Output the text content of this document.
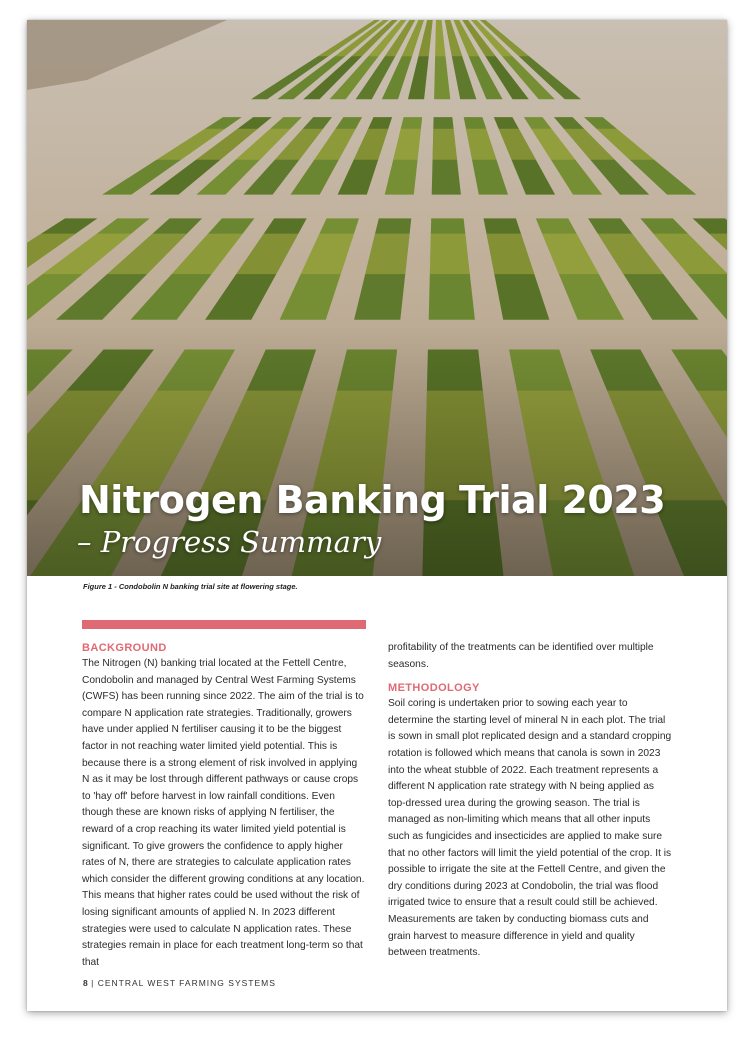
Nitrogen Banking Trial 2023
– Progress Summary
Figure 1 - Condobolin N banking trial site at flowering stage.
BACKGROUND

The Nitrogen (N) banking trial located at the Fettell Centre, Condobolin and managed by Central West Farming Systems (CWFS) has been running since 2022. The aim of the trial is to compare N application rate strategies. Traditionally, growers have under applied N fertiliser causing it to be the biggest factor in not reaching water limited yield potential. This is because there is a strong element of risk involved in applying N as it may be lost through different pathways or cause crops to 'hay off' before harvest in low rainfall conditions. Even though these are known risks of applying N fertiliser, the reward of a crop reaching its water limited yield potential is significant. To give growers the confidence to apply higher rates of N, there are strategies to calculate application rates which consider the different growing conditions at any location. This means that higher rates could be used without the risk of losing significant amounts of applied N. In 2023 different strategies were used to calculate N application rates. These strategies remain in place for each treatment long-term so that that

profitability of the treatments can be identified over multiple seasons.

METHODOLOGY

Soil coring is undertaken prior to sowing each year to determine the starting level of mineral N in each plot. The trial is sown in small plot replicated design and a standard cropping rotation is followed which means that canola is sown in 2023 into the wheat stubble of 2022. Each treatment represents a different N application rate strategy with N being applied as top-dressed urea during the growing season. The trial is managed as non-limiting which means that all other inputs such as fungicides and insecticides are applied to make sure that no other factors will limit the yield potential of the crop. It is possible to irrigate the site at the Fettell Centre, and given the dry conditions during 2023 at Condobolin, the trial was flood irrigated twice to ensure that a result could still be achieved. Measurements are taken by conducting biomass cuts and grain harvest to measure difference in yield and quality between treatments.

8 | CENTRAL WEST FARMING SYSTEMS
